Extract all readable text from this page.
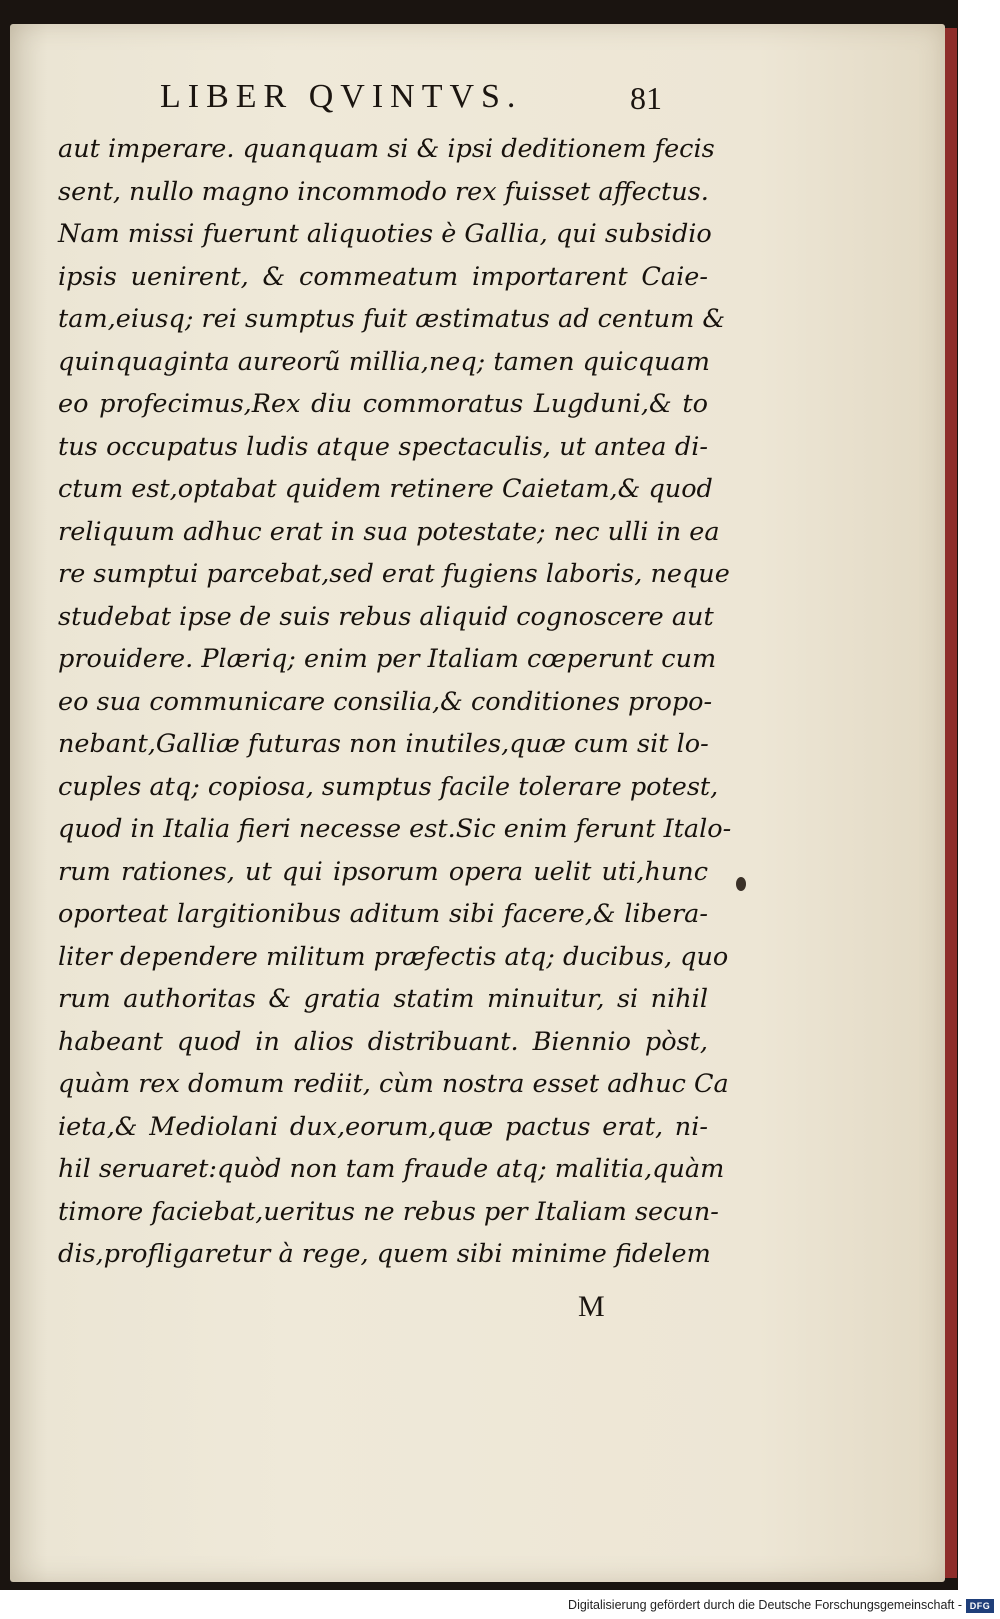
LIBER QVINTVS.	81
aut imperare. quanquam si & ipsi deditionem fecis
sent, nullo magno incommodo rex fuisset affectus.
Nam missi fuerunt aliquoties è Gallia, qui subsidio
ipsis uenirent, & commeatum importarent Caie-
tam,eiusq; rei sumptus fuit æstimatus ad centum &
quinquaginta aureorũ millia,neq; tamen quicquam
eo profecimus,Rex diu commoratus Lugduni,& to
tus occupatus ludis atque spectaculis, ut antea di-
ctum est,optabat quidem retinere Caietam,& quod
reliquum adhuc erat in sua potestate; nec ulli in ea
re sumptui parcebat,sed erat fugiens laboris, neque
studebat ipse de suis rebus aliquid cognoscere aut
prouidere. Plæriq; enim per Italiam cœperunt cum
eo sua communicare consilia,& conditiones propo-
nebant,Galliæ futuras non inutiles,quæ cum sit lo-
cuples atq; copiosa, sumptus facile tolerare potest,
quod in Italia fieri necesse est.Sic enim ferunt Italo-
rum rationes, ut qui ipsorum opera uelit uti,hunc
oporteat largitionibus aditum sibi facere,& libera-
liter dependere militum præfectis atq; ducibus, quo
rum authoritas & gratia statim minuitur, si nihil
habeant quod in alios distribuant. Biennio pòst,
quàm rex domum rediit, cùm nostra esset adhuc Ca
ieta,& Mediolani dux,eorum,quæ pactus erat, ni-
hil seruaret:quòd non tam fraude atq; malitia,quàm
timore faciebat,ueritus ne rebus per Italiam secun-
dis,profligaretur à rege, quem sibi minime fidelem
M
Digitalisierung gefördert durch die Deutsche Forschungsgemeinschaft - DFG
